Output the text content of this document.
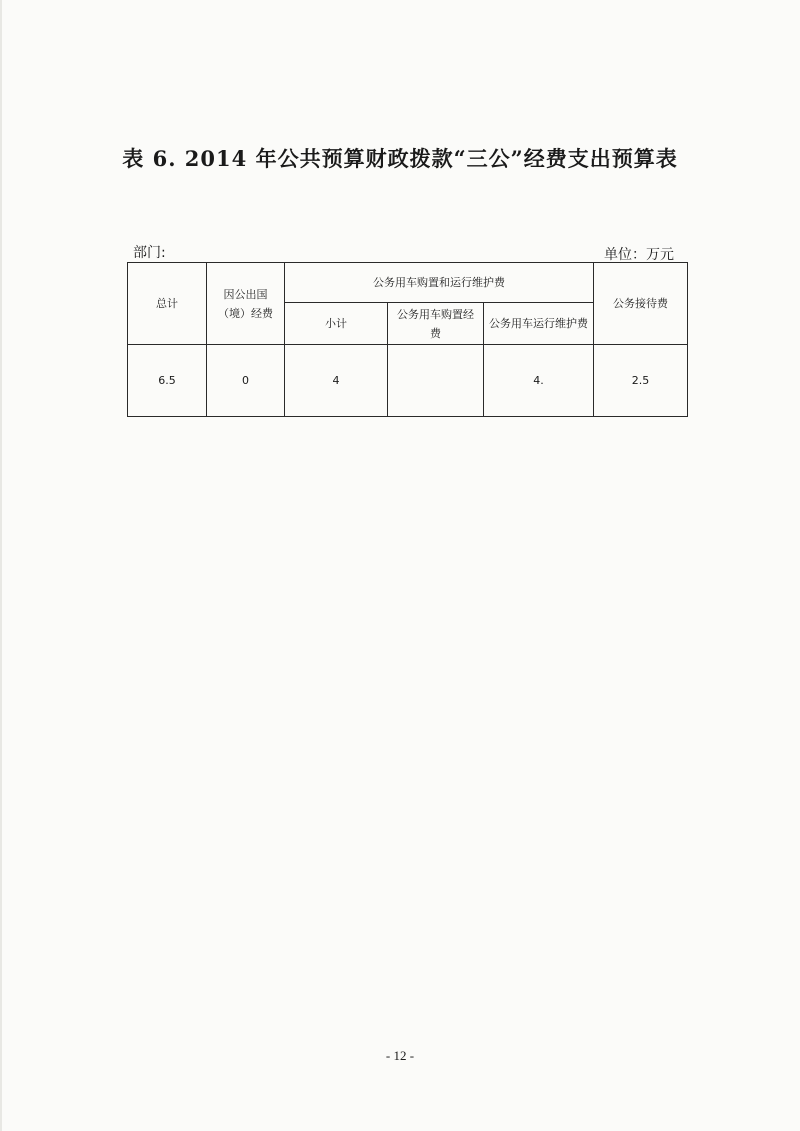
表 6. 2014 年公共预算财政拨款“三公”经费支出预算表
部门:	单位：万元
总计	因公出国（境）经费	公务用车购置和运行维护费			公务接待费
		小计	公务用车购置经费	公务用车运行维护费	
6.5	0	4		4.	2.5
- 12 -
